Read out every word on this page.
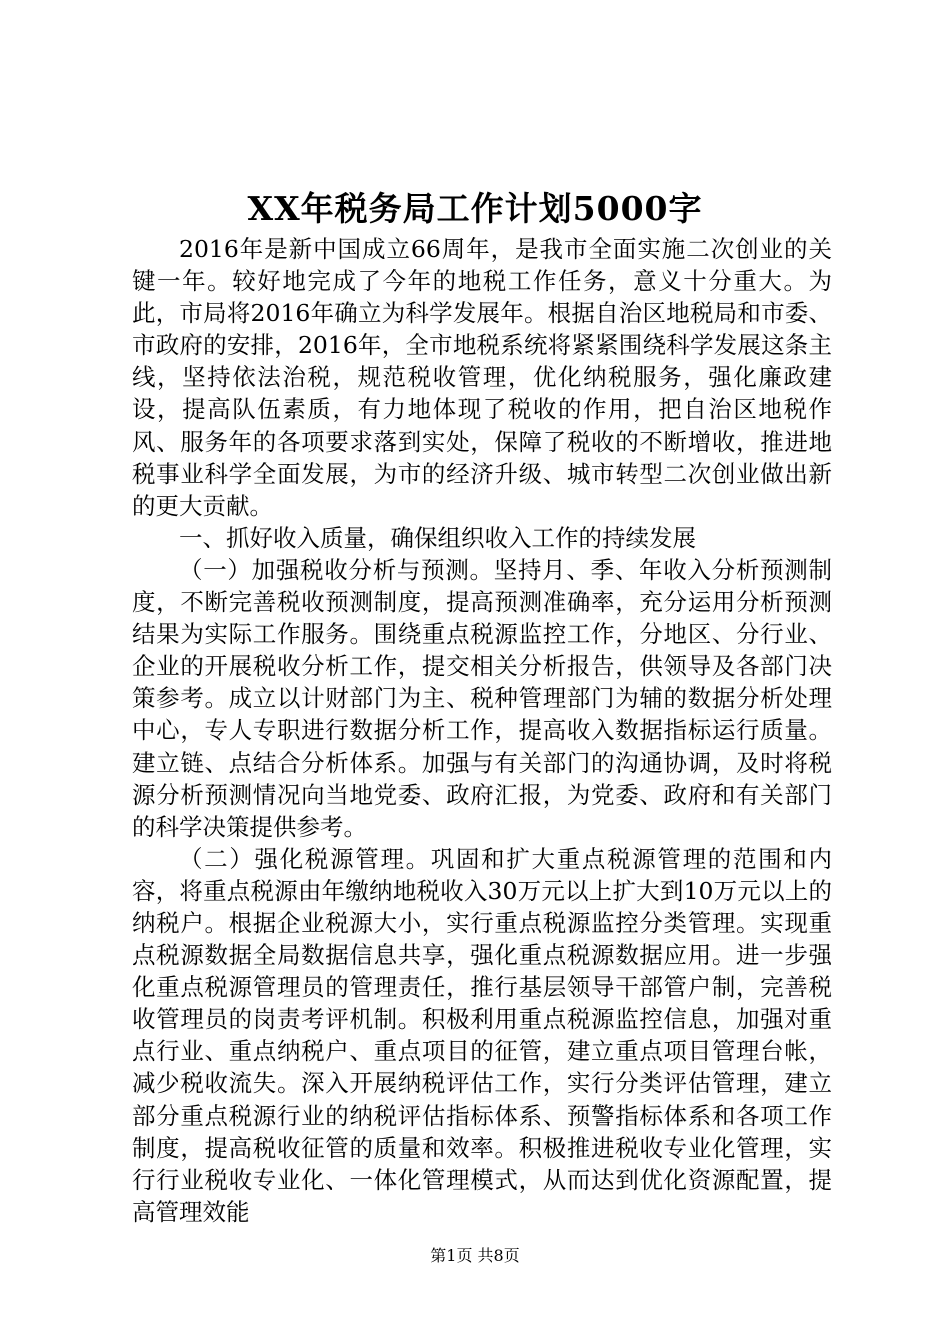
XX年税务局工作计划5000字

2016年是新中国成立66周年，是我市全面实施二次创业的关键一年。较好地完成了今年的地税工作任务，意义十分重大。为此，市局将2016年确立为科学发展年。根据自治区地税局和市委、市政府的安排，2016年，全市地税系统将紧紧围绕科学发展这条主线，坚持依法治税，规范税收管理，优化纳税服务，强化廉政建设，提高队伍素质，有力地体现了税收的作用，把自治区地税作风、服务年的各项要求落到实处，保障了税收的不断增收，推进地税事业科学全面发展，为市的经济升级、城市转型二次创业做出新的更大贡献。

一、抓好收入质量，确保组织收入工作的持续发展

（一）加强税收分析与预测。坚持月、季、年收入分析预测制度，不断完善税收预测制度，提高预测准确率，充分运用分析预测结果为实际工作服务。围绕重点税源监控工作，分地区、分行业、企业的开展税收分析工作，提交相关分析报告，供领导及各部门决策参考。成立以计财部门为主、税种管理部门为辅的数据分析处理中心，专人专职进行数据分析工作，提高收入数据指标运行质量。建立链、点结合分析体系。加强与有关部门的沟通协调，及时将税源分析预测情况向当地党委、政府汇报，为党委、政府和有关部门的科学决策提供参考。

（二）强化税源管理。巩固和扩大重点税源管理的范围和内容，将重点税源由年缴纳地税收入30万元以上扩大到10万元以上的纳税户。根据企业税源大小，实行重点税源监控分类管理。实现重点税源数据全局数据信息共享，强化重点税源数据应用。进一步强化重点税源管理员的管理责任，推行基层领导干部管户制，完善税收管理员的岗责考评机制。积极利用重点税源监控信息，加强对重点行业、重点纳税户、重点项目的征管，建立重点项目管理台帐，减少税收流失。深入开展纳税评估工作，实行分类评估管理，建立部分重点税源行业的纳税评估指标体系、预警指标体系和各项工作制度，提高税收征管的质量和效率。积极推进税收专业化管理，实行行业税收专业化、一体化管理模式，从而达到优化资源配置，提高管理效能

第1页 共8页
